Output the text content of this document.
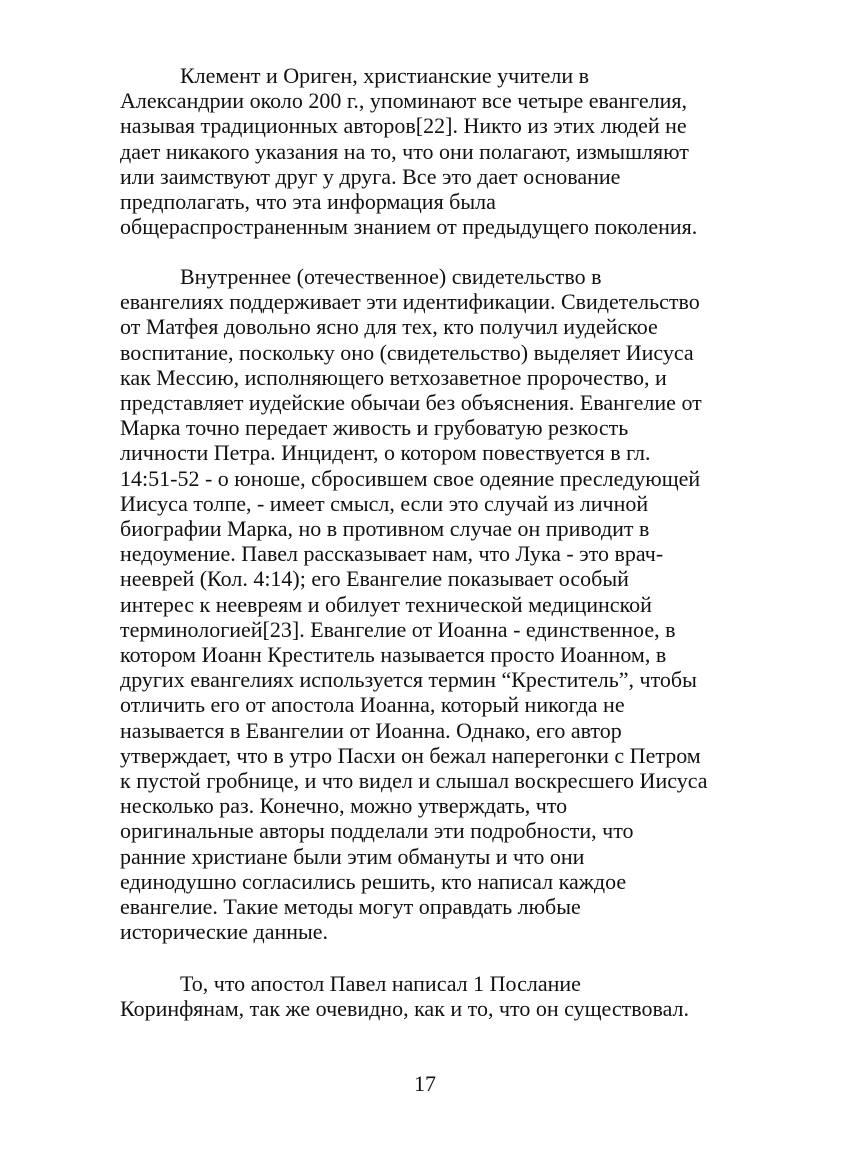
Клемент и Ориген, христианские учители в
Александрии около 200 г., упоминают все четыре евангелия,
называя традиционных авторов[22]. Никто из этих людей не
дает никакого указания на то, что они полагают, измышляют
или заимствуют друг у друга. Все это дает основание
предполагать, что эта информация была
общераспространенным знанием от предыдущего поколения.
Внутреннее (отечественное) свидетельство в
евангелиях поддерживает эти идентификации. Свидетельство
от Матфея довольно ясно для тех, кто получил иудейское
воспитание, поскольку оно (свидетельство) выделяет Иисуса
как Мессию, исполняющего ветхозаветное пророчество, и
представляет иудейские обычаи без объяснения. Евангелие от
Марка точно передает живость и грубоватую резкость
личности Петра. Инцидент, о котором повествуется в гл.
14:51-52 - о юноше, сбросившем свое одеяние преследующей
Иисуса толпе, - имеет смысл, если это случай из личной
биографии Марка, но в противном случае он приводит в
недоумение. Павел рассказывает нам, что Лука - это врач-
нееврей (Кол. 4:14); его Евангелие показывает особый
интерес к неевреям и обилует технической медицинской
терминологией[23]. Евангелие от Иоанна - единственное, в
котором Иоанн Креститель называется просто Иоанном, в
других евангелиях используется термин “Креститель”, чтобы
отличить его от апостола Иоанна, который никогда не
называется в Евангелии от Иоанна. Однако, его автор
утверждает, что в утро Пасхи он бежал наперегонки с Петром
к пустой гробнице, и что видел и слышал воскресшего Иисуса
несколько раз. Конечно, можно утверждать, что
оригинальные авторы подделали эти подробности, что
ранние христиане были этим обмануты и что они
единодушно согласились решить, кто написал каждое
евангелие. Такие методы могут оправдать любые
исторические данные.
То, что апостол Павел написал 1 Послание
Коринфянам, так же очевидно, как и то, что он существовал.
17
